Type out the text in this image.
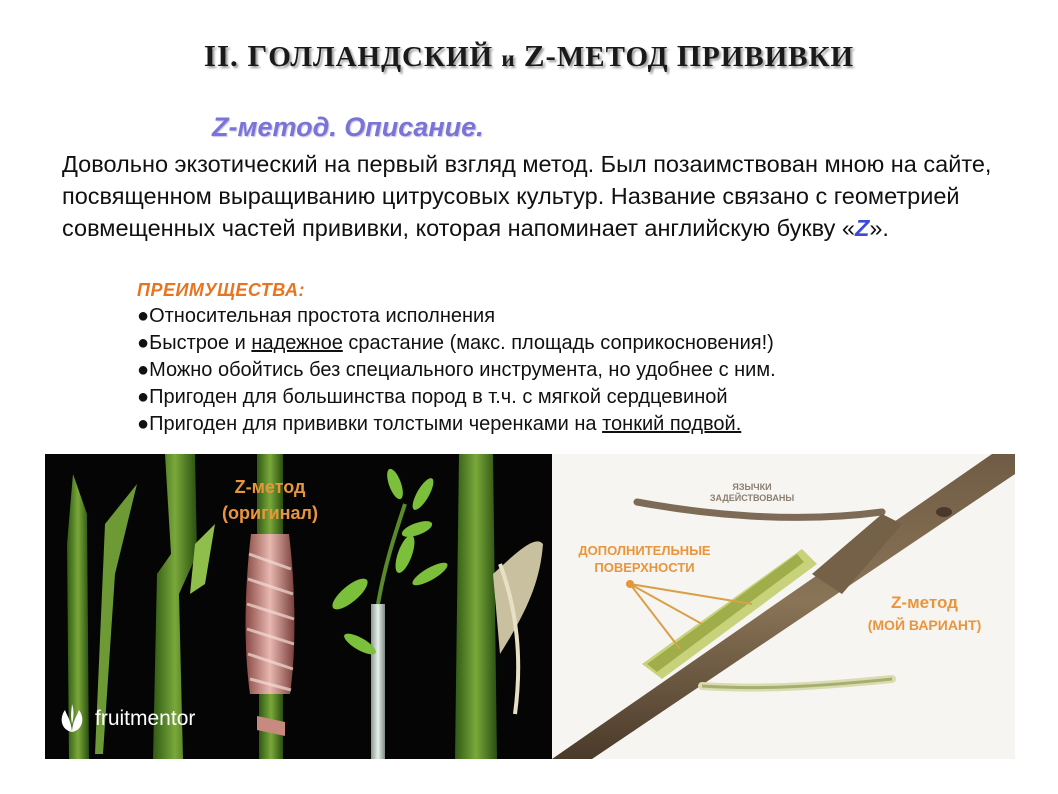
II. ГОЛЛАНДСКИЙ и Z-МЕТОД ПРИВИВКИ
Z-метод. Описание.
Довольно экзотический на первый взгляд метод. Был позаимствован мною на сайте, посвященном выращиванию цитрусовых культур. Название связано с геометрией совмещенных частей прививки, которая напоминает английскую букву «Z».
ПРЕИМУЩЕСТВА:
●Относительная простота исполнения
●Быстрое и надежное срастание (макс. площадь соприкосновения!)
●Можно обойтись без специального инструмента, но удобнее с ним.
●Пригоден для большинства пород в т.ч. с мягкой сердцевиной
●Пригоден для прививки толстыми черенками на тонкий подвой.
Z-метод
(оригинал)
fruitmentor
ЯЗЫЧКИ
ЗАДЕЙСТВОВАНЫ
ДОПОЛНИТЕЛЬНЫЕ
ПОВЕРХНОСТИ
Z-метод
(МОЙ ВАРИАНТ)
